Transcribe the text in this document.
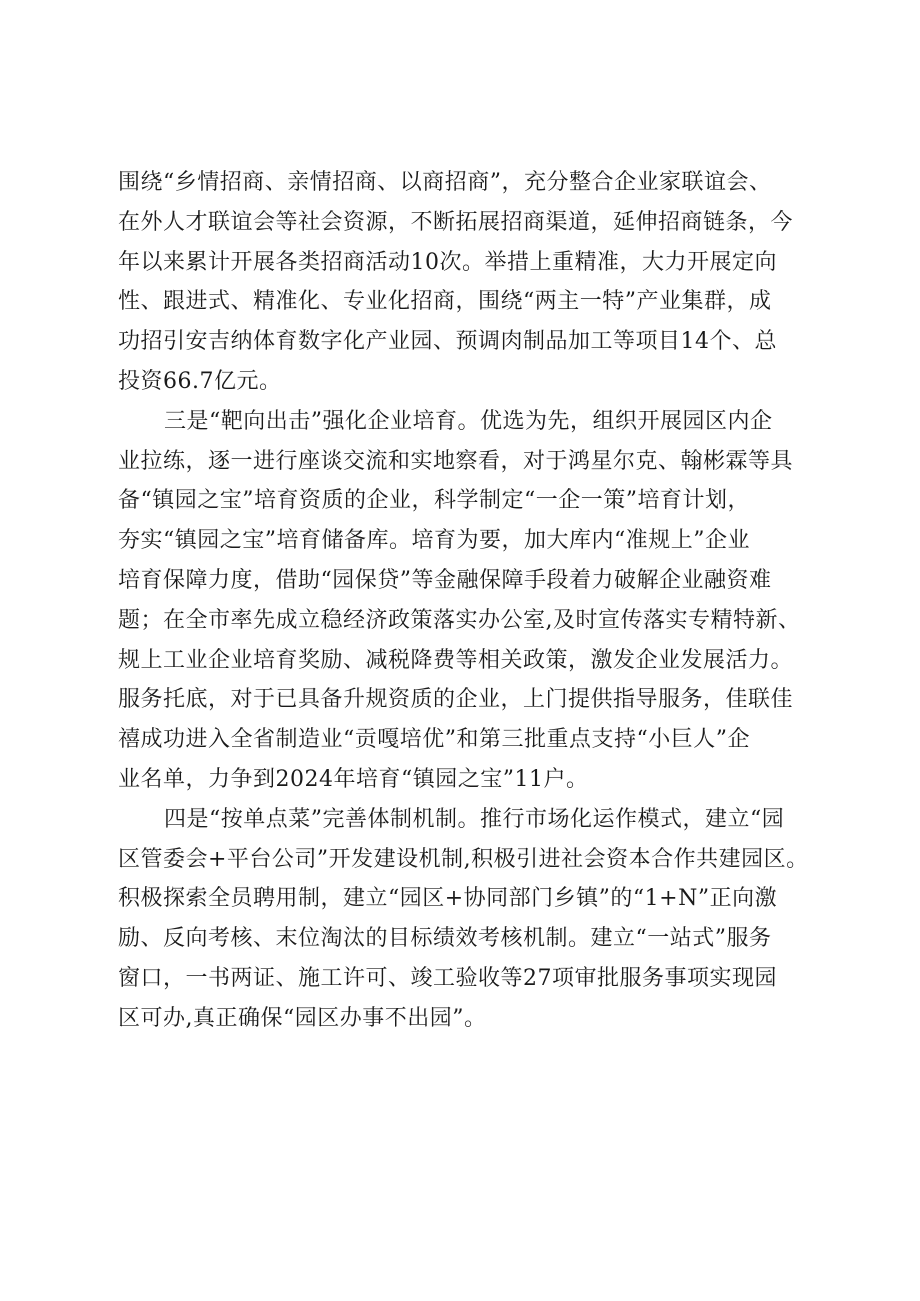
围绕“乡情招商、亲情招商、以商招商”，充分整合企业家联谊会、
在外人才联谊会等社会资源，不断拓展招商渠道，延伸招商链条，今
年以来累计开展各类招商活动10次。举措上重精准，大力开展定向
性、跟进式、精准化、专业化招商，围绕“两主一特”产业集群，成
功招引安吉纳体育数字化产业园、预调肉制品加工等项目14个、总
投资66.7亿元。
三是“靶向出击”强化企业培育。优选为先，组织开展园区内企
业拉练，逐一进行座谈交流和实地察看，对于鸿星尔克、翰彬霖等具
备“镇园之宝”培育资质的企业，科学制定“一企一策”培育计划，
夯实“镇园之宝”培育储备库。培育为要，加大库内“准规上”企业
培育保障力度，借助“园保贷”等金融保障手段着力破解企业融资难
题；在全市率先成立稳经济政策落实办公室,及时宣传落实专精特新、
规上工业企业培育奖励、减税降费等相关政策，激发企业发展活力。
服务托底，对于已具备升规资质的企业，上门提供指导服务，佳联佳
禧成功进入全省制造业“贡嘎培优”和第三批重点支持“小巨人”企
业名单，力争到2024年培育“镇园之宝”11户。
四是“按单点菜”完善体制机制。推行市场化运作模式，建立“园
区管委会+平台公司”开发建设机制,积极引进社会资本合作共建园区。
积极探索全员聘用制，建立“园区+协同部门乡镇”的“1+N”正向激
励、反向考核、末位淘汰的目标绩效考核机制。建立“一站式”服务
窗口，一书两证、施工许可、竣工验收等27项审批服务事项实现园
区可办,真正确保“园区办事不出园”。
